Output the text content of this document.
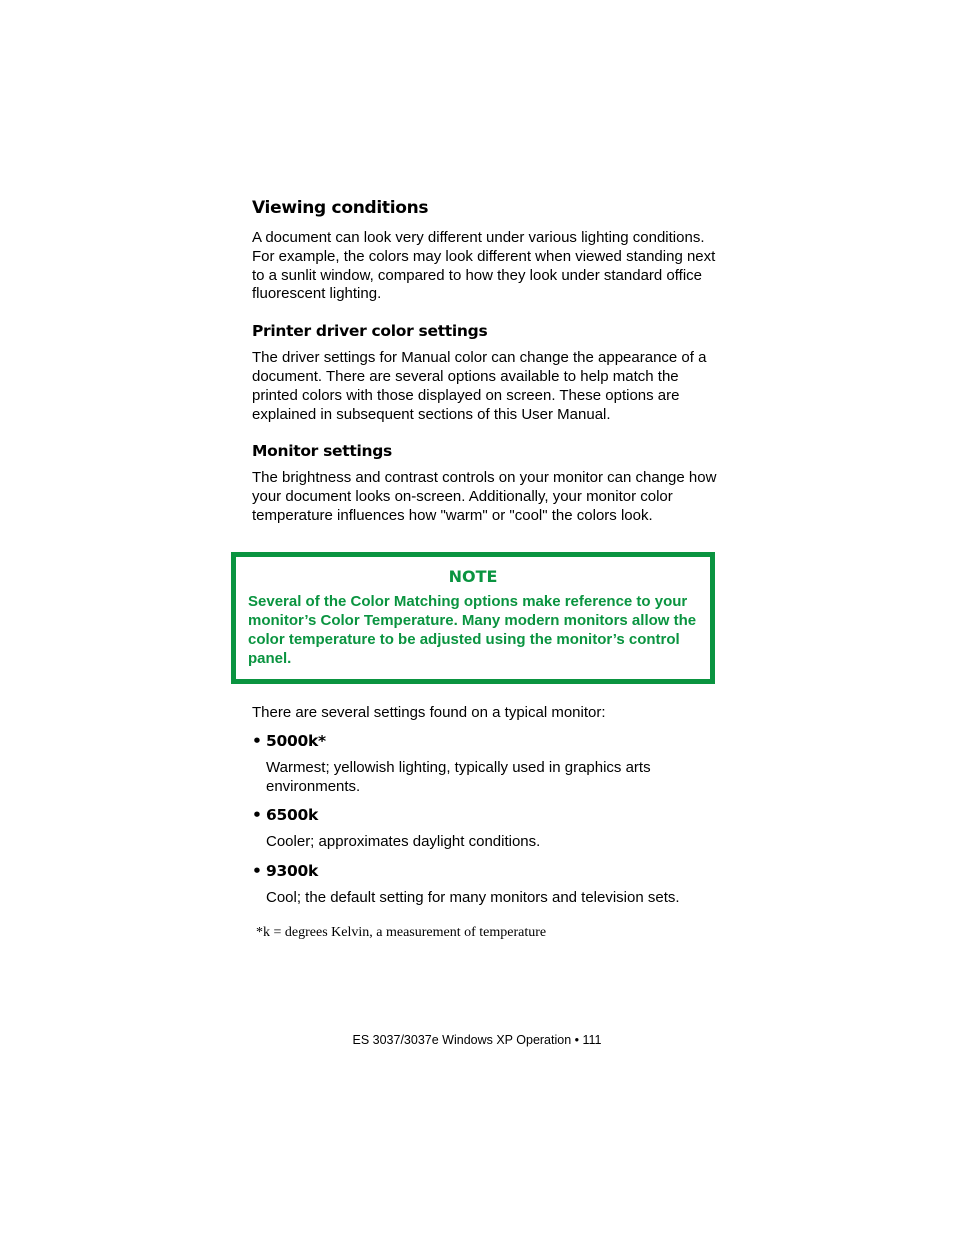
Viewing conditions

A document can look very different under various lighting conditions. For example, the colors may look different when viewed standing next to a sunlit window, compared to how they look under standard office fluorescent lighting.

Printer driver color settings

The driver settings for Manual color can change the appearance of a document. There are several options available to help match the printed colors with those displayed on screen. These options are explained in subsequent sections of this User Manual.

Monitor settings

The brightness and contrast controls on your monitor can change how your document looks on-screen. Additionally, your monitor color temperature influences how "warm" or "cool" the colors look.

NOTE

Several of the Color Matching options make reference to your monitor’s Color Temperature. Many modern monitors allow the color temperature to be adjusted using the monitor’s control panel.

There are several settings found on a typical monitor:

• 5000k*

Warmest; yellowish lighting, typically used in graphics arts environments.

• 6500k

Cooler; approximates daylight conditions.

• 9300k

Cool; the default setting for many monitors and television sets.

*k = degrees Kelvin, a measurement of temperature
ES 3037/3037e Windows XP Operation • 111
